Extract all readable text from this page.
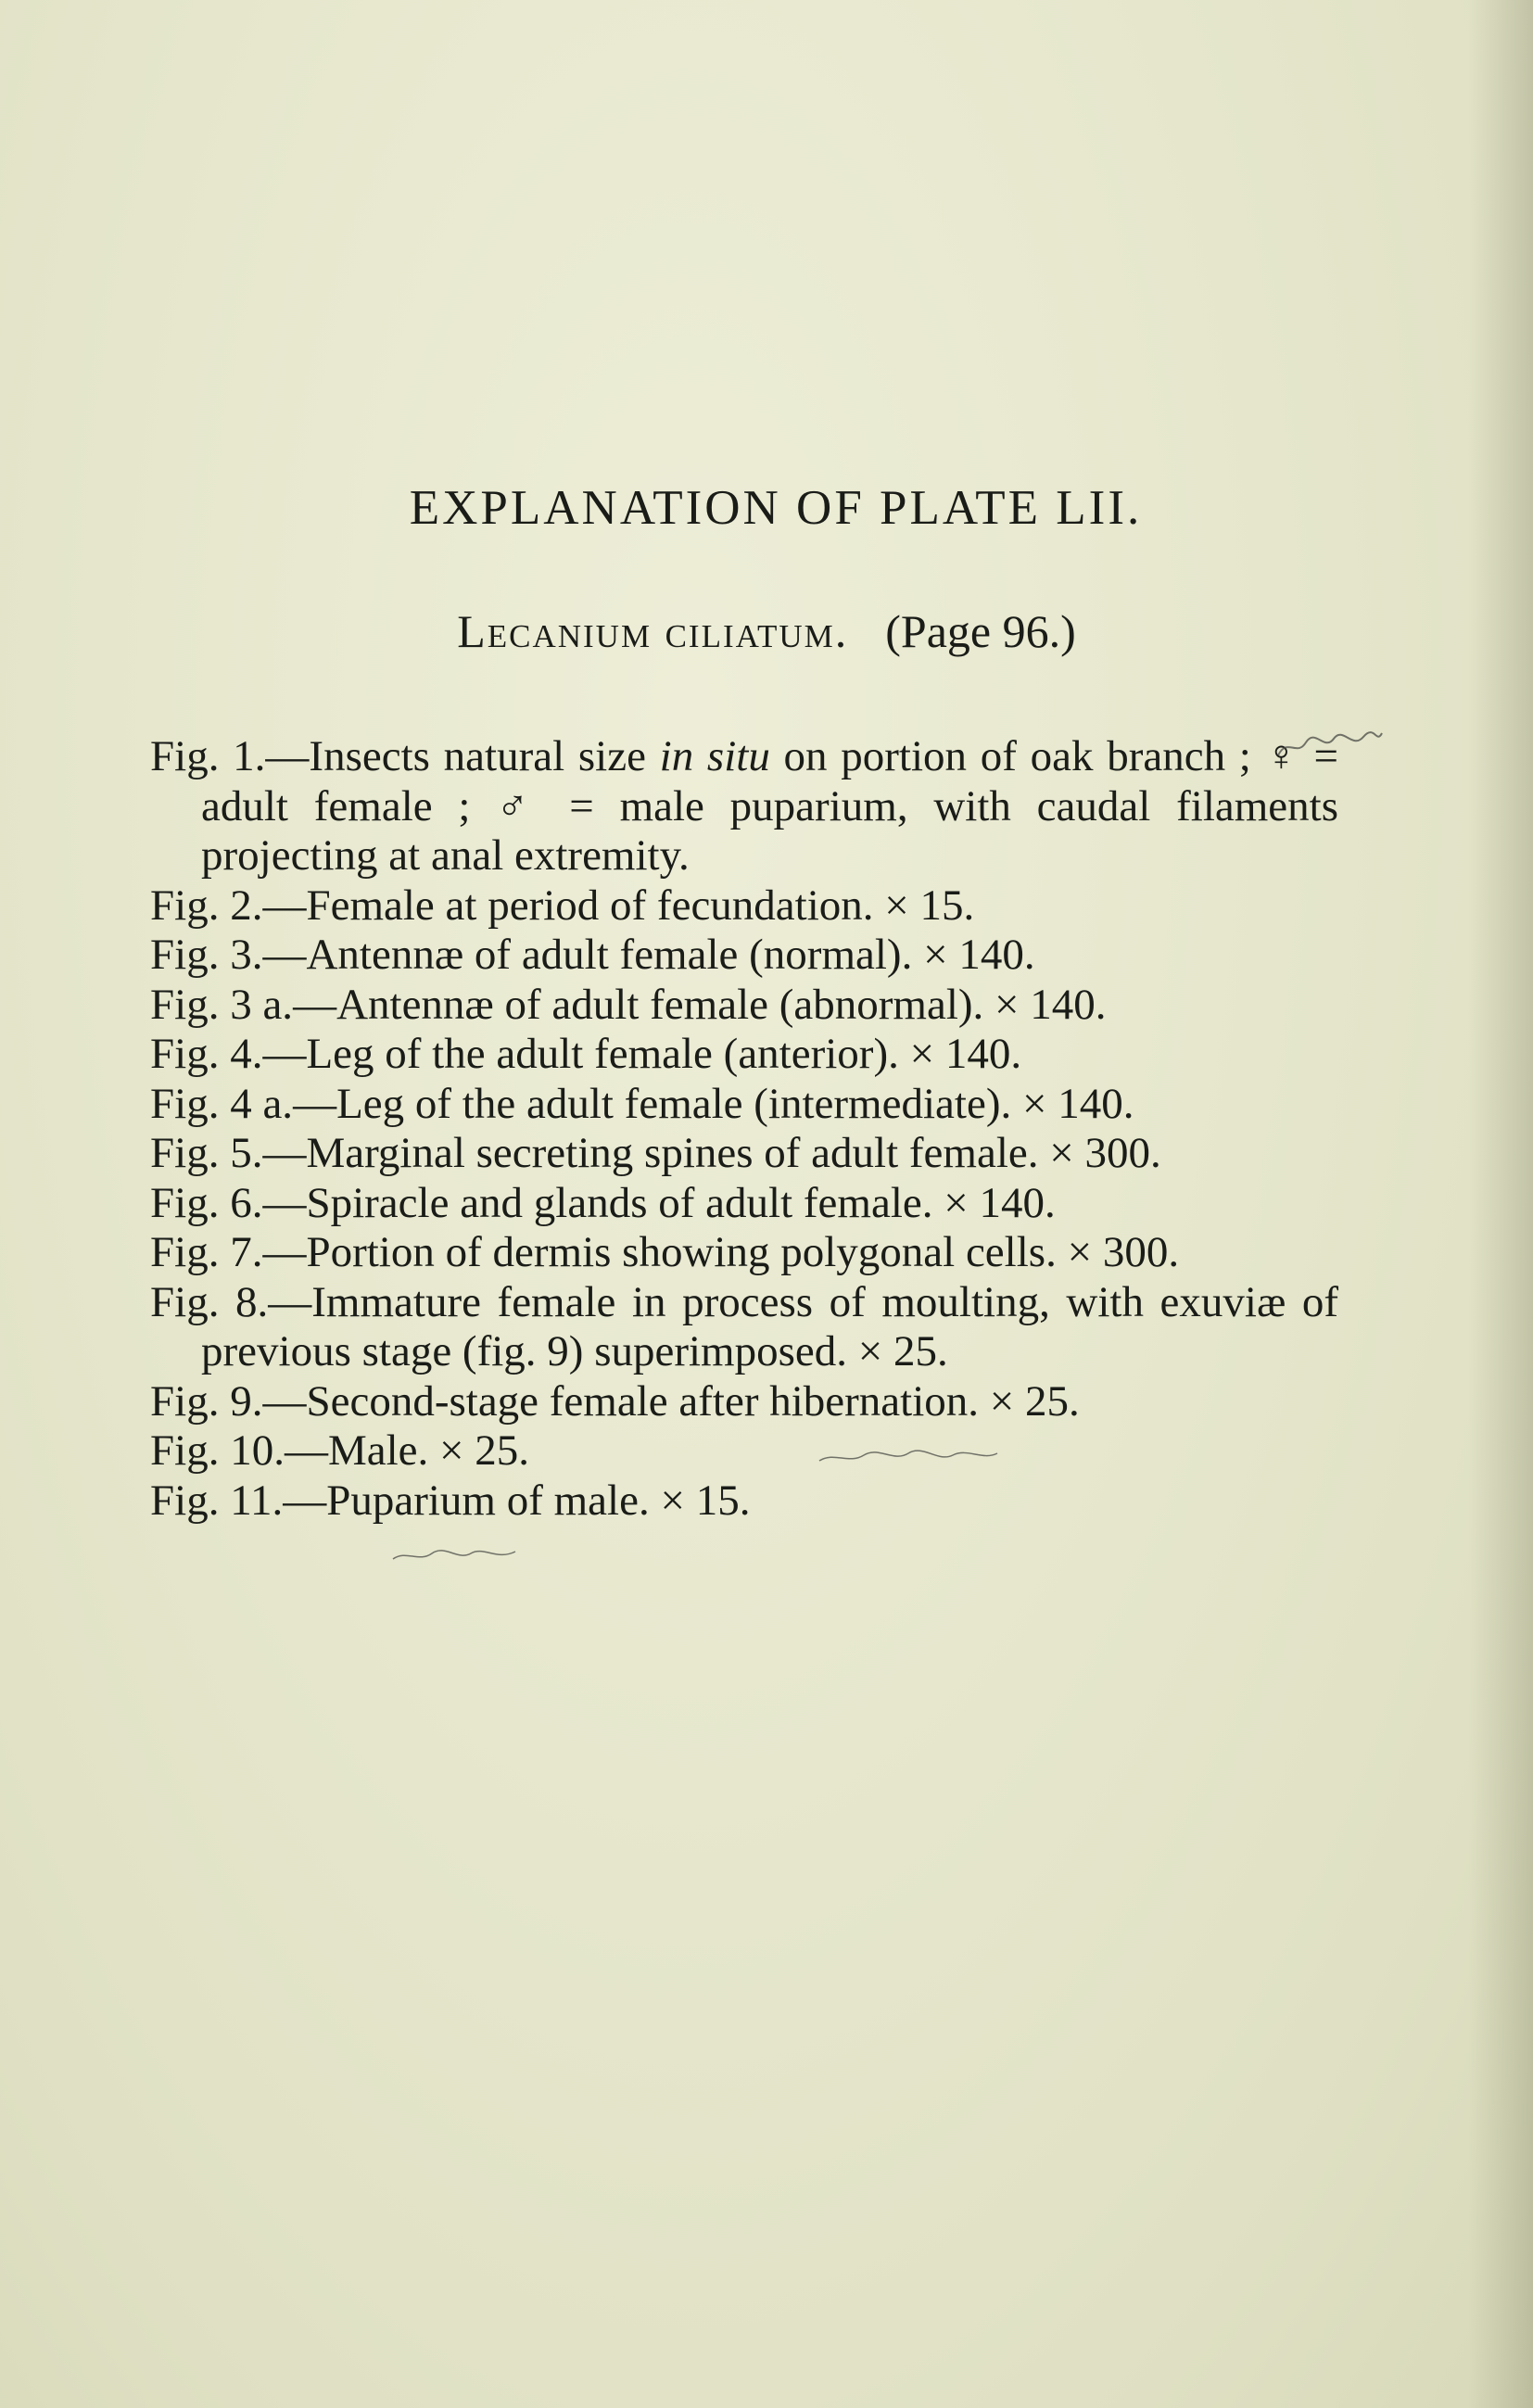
EXPLANATION OF PLATE LII.
Lecanium ciliatum. (Page 96.)
Fig. 1.—Insects natural size in situ on portion of oak branch ; ♀ = adult female ; ♂ = male puparium, with caudal filaments projecting at anal extremity.
Fig. 2.—Female at period of fecundation. × 15.
Fig. 3.—Antennæ of adult female (normal). × 140.
Fig. 3 a.—Antennæ of adult female (abnormal). × 140.
Fig. 4.—Leg of the adult female (anterior). × 140.
Fig. 4 a.—Leg of the adult female (intermediate). × 140.
Fig. 5.—Marginal secreting spines of adult female. × 300.
Fig. 6.—Spiracle and glands of adult female. × 140.
Fig. 7.—Portion of dermis showing polygonal cells. × 300.
Fig. 8.—Immature female in process of moulting, with exuviæ of previous stage (fig. 9) superimposed. × 25.
Fig. 9.—Second-stage female after hibernation. × 25.
Fig. 10.—Male. × 25.
Fig. 11.—Puparium of male. × 15.
